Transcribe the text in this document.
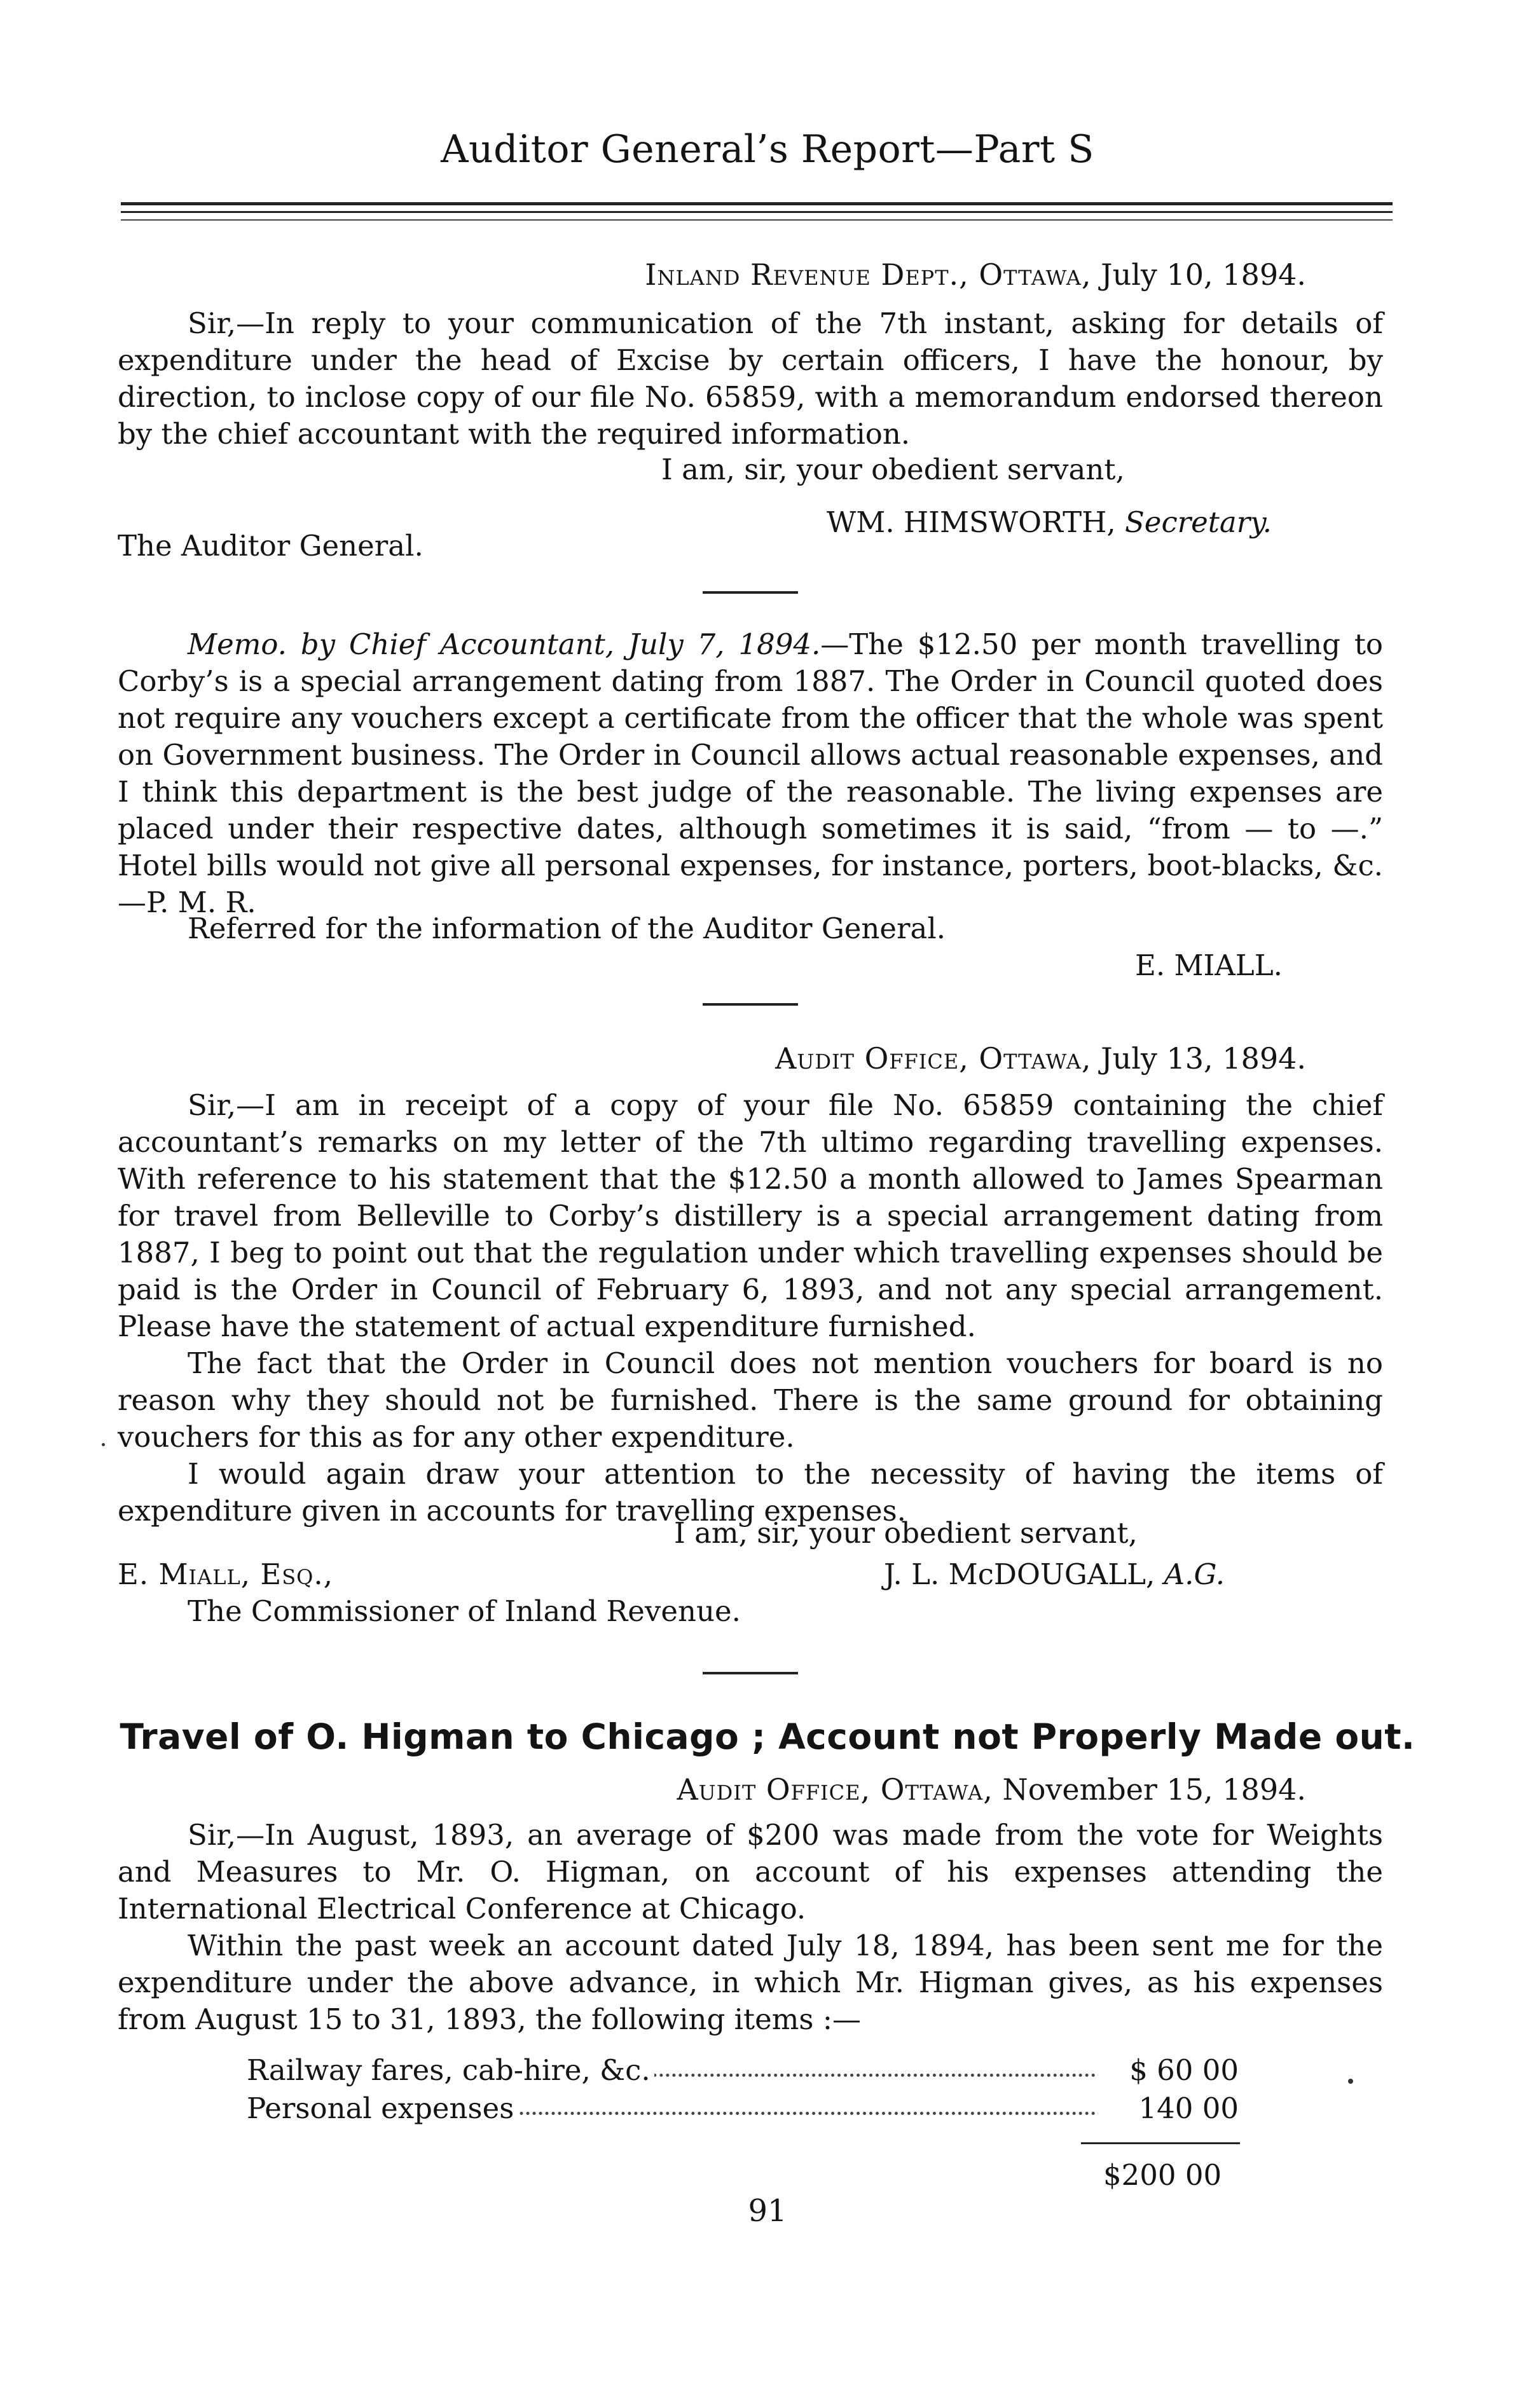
Auditor General’s Report—Part S
Inland Revenue Dept., Ottawa, July 10, 1894.
Sir,—In reply to your communication of the 7th instant, asking for details of expenditure under the head of Excise by certain officers, I have the honour, by direction, to inclose copy of our file No. 65859, with a memorandum endorsed thereon by the chief accountant with the required information.
I am, sir, your obedient servant,
WM. HIMSWORTH, Secretary.
The Auditor General.
Memo. by Chief Accountant, July 7, 1894.—The $12.50 per month travelling to Corby’s is a special arrangement dating from 1887. The Order in Council quoted does not require any vouchers except a certificate from the officer that the whole was spent on Government business. The Order in Council allows actual reasonable expenses, and I think this department is the best judge of the reasonable. The living expenses are placed under their respective dates, although sometimes it is said, “from — to —.” Hotel bills would not give all personal expenses, for instance, porters, boot-blacks, &c.—P. M. R.
Referred for the information of the Auditor General.
E. MIALL.
Audit Office, Ottawa, July 13, 1894.
Sir,—I am in receipt of a copy of your file No. 65859 containing the chief accountant’s remarks on my letter of the 7th ultimo regarding travelling expenses. With reference to his statement that the $12.50 a month allowed to James Spearman for travel from Belleville to Corby’s distillery is a special arrangement dating from 1887, I beg to point out that the regulation under which travelling expenses should be paid is the Order in Council of February 6, 1893, and not any special arrangement. Please have the statement of actual expenditure furnished.
The fact that the Order in Council does not mention vouchers for board is no reason why they should not be furnished. There is the same ground for obtaining vouchers for this as for any other expenditure.
I would again draw your attention to the necessity of having the items of expenditure given in accounts for travelling expenses.
I am, sir, your obedient servant,
E. Miall, Esq.,
The Commissioner of Inland Revenue.
J. L. McDOUGALL, A.G.
Travel of O. Higman to Chicago ; Account not Properly Made out.
Audit Office, Ottawa, November 15, 1894.
Sir,—In August, 1893, an average of $200 was made from the vote for Weights and Measures to Mr. O. Higman, on account of his expenses attending the International Electrical Conference at Chicago.
Within the past week an account dated July 18, 1894, has been sent me for the expenditure under the above advance, in which Mr. Higman gives, as his expenses from August 15 to 31, 1893, the following items :—
Railway fares, cab-hire, &c.	$ 60 00
Personal expenses	140 00
$200 00
91
